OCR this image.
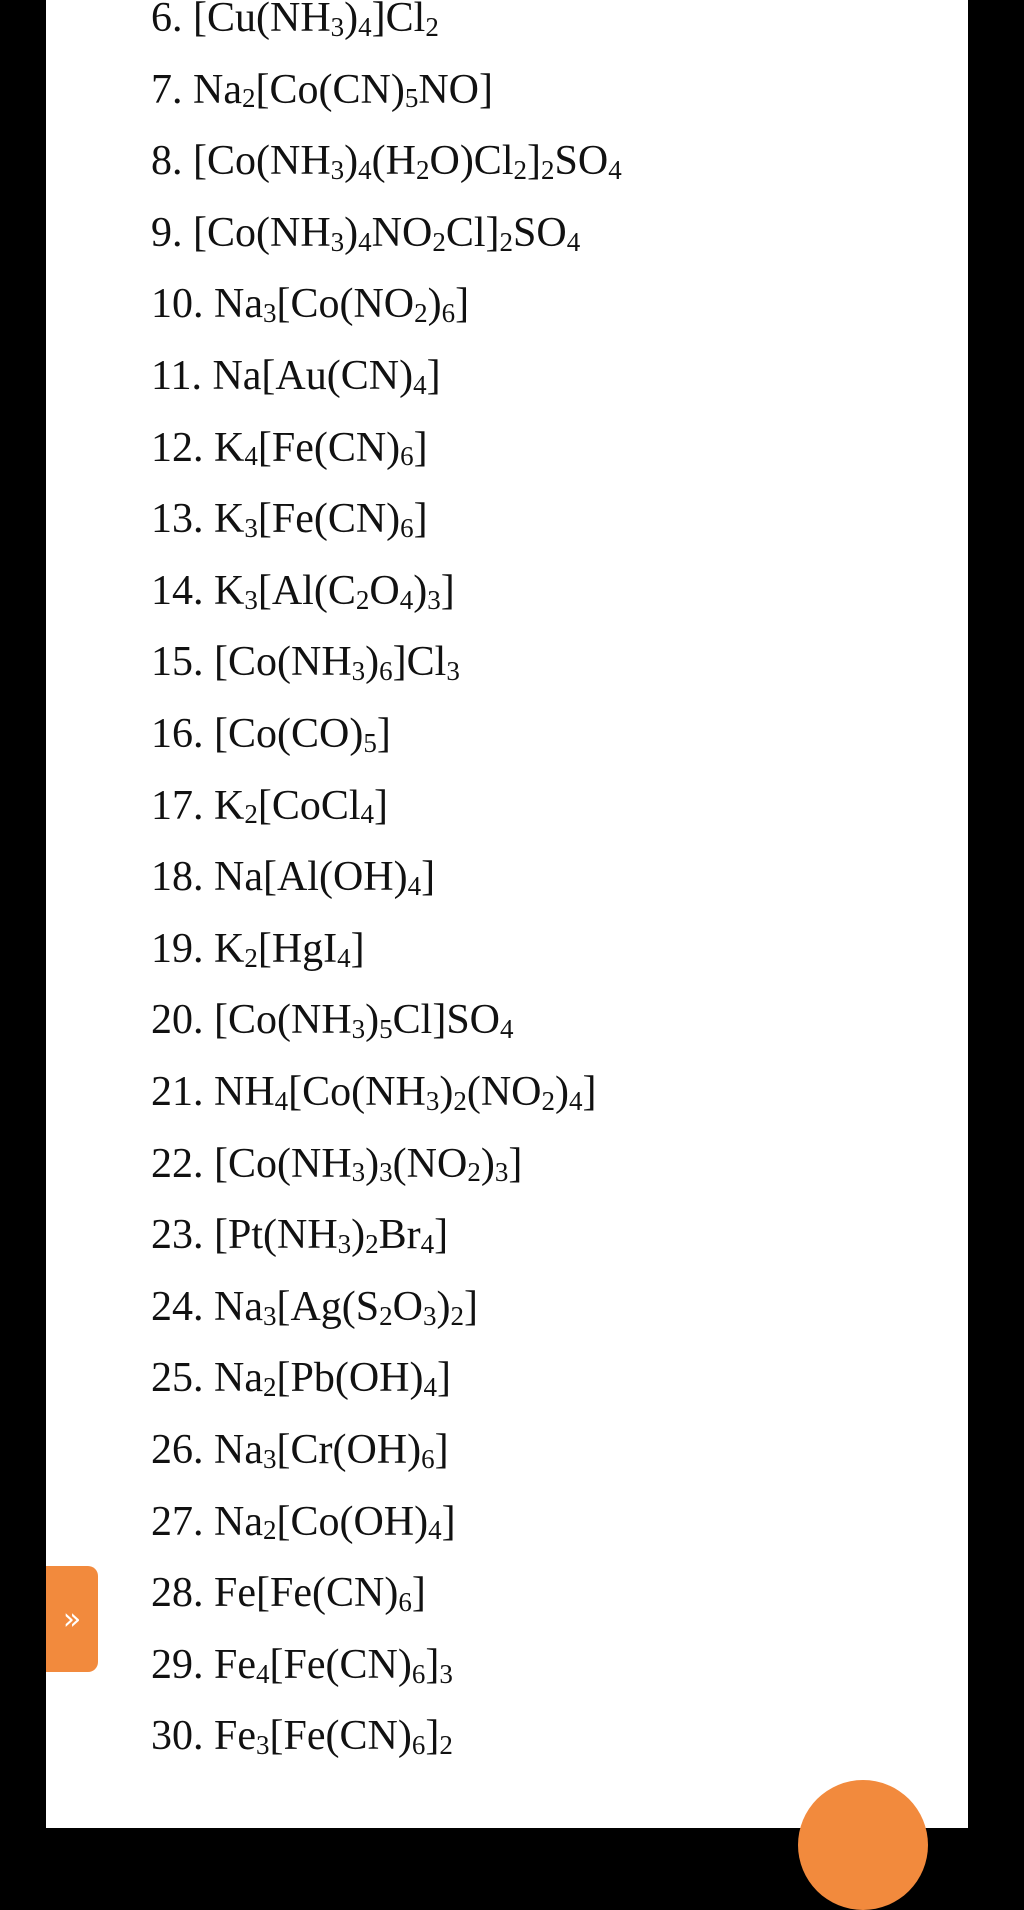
6. $[Cu(NH_3)_4]Cl_2$
7. $Na_2[Co(CN)_5NO]$
8. $[Co(NH_3)_4(H_2O)Cl_2]_2SO_4$
9. $[Co(NH_3)_4NO_2Cl]_2SO_4$
10. $Na_3[Co(NO_2)_6]$
11. $Na[Au(CN)_4]$
12. $K_4[Fe(CN)_6]$
13. $K_3[Fe(CN)_6]$
14. $K_3[Al(C_2O_4)_3]$
15. $[Co(NH_3)_6]Cl_3$
16. $[Co(CO)_5]$
17. $K_2[CoCl_4]$
18. $Na[Al(OH)_4]$
19. $K_2[HgI_4]$
20. $[Co(NH_3)_5Cl]SO_4$
21. $NH_4[Co(NH_3)_2(NO_2)_4]$
22. $[Co(NH_3)_3(NO_2)_3]$
23. $[Pt(NH_3)_2Br_4]$
24. $Na_3[Ag(S_2O_3)_2]$
25. $Na_2[Pb(OH)_4]$
26. $Na_3[Cr(OH)_6]$
27. $Na_2[Co(OH)_4]$
28. $Fe[Fe(CN)_6]$
29. $Fe_4[Fe(CN)_6]_3$
30. $Fe_3[Fe(CN)_6]_2$
»
